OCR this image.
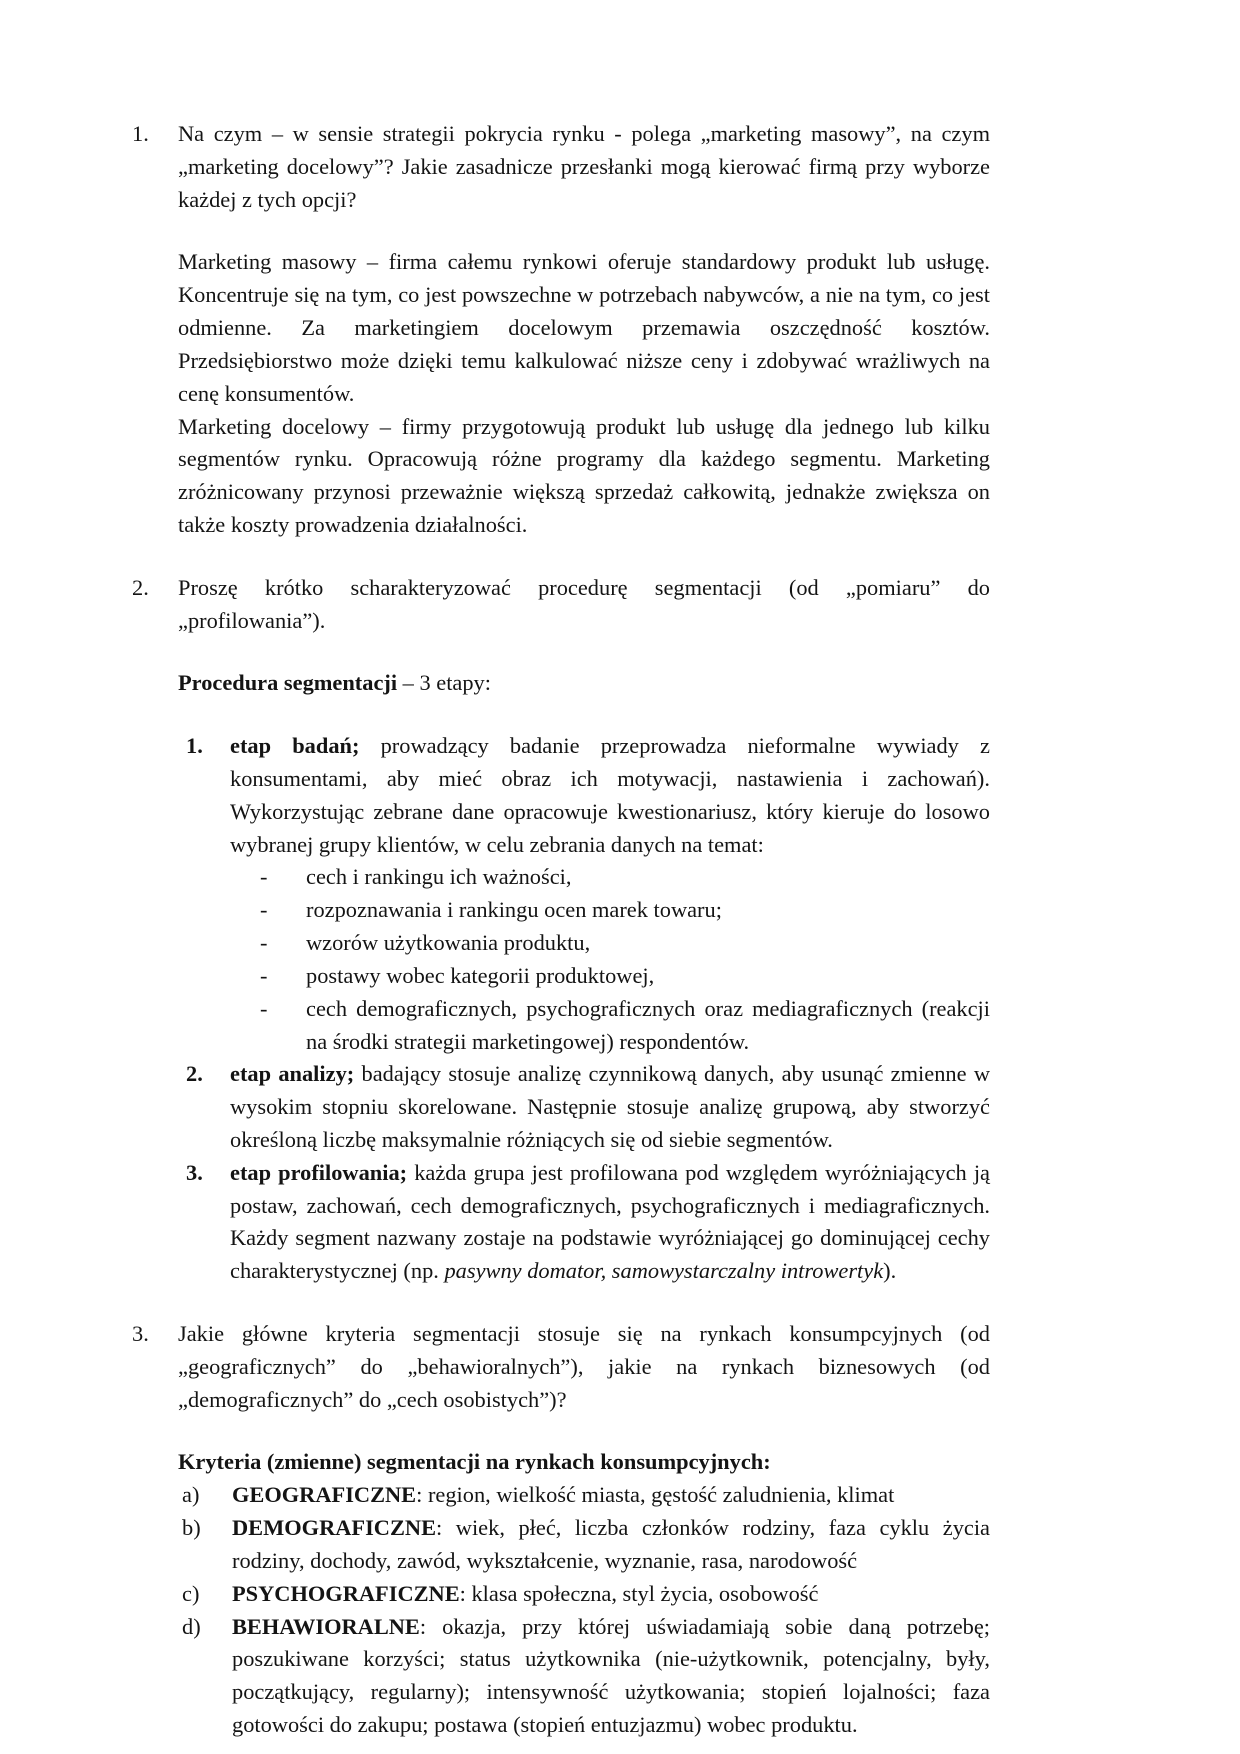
1.	Na czym – w sensie strategii pokrycia rynku - polega „marketing masowy”, na czym „marketing docelowy”? Jakie zasadnicze przesłanki mogą kierować firmą przy wyborze każdej z tych opcji?

Marketing masowy – firma całemu rynkowi oferuje standardowy produkt lub usługę. Koncentruje się na tym, co jest powszechne w potrzebach nabywców, a nie na tym, co jest odmienne. Za marketingiem docelowym przemawia oszczędność kosztów. Przedsiębiorstwo może dzięki temu kalkulować niższe ceny i zdobywać wrażliwych na cenę konsumentów.

Marketing docelowy – firmy przygotowują produkt lub usługę dla jednego lub kilku segmentów rynku. Opracowują różne programy dla każdego segmentu. Marketing zróżnicowany przynosi przeważnie większą sprzedaż całkowitą, jednakże zwiększa on także koszty prowadzenia działalności.

2.	Proszę krótko scharakteryzować procedurę segmentacji (od „pomiaru” do „profilowania”).
Procedura segmentacji – 3 etapy:
1. etap badań; prowadzący badanie przeprowadza nieformalne wywiady z konsumentami, aby mieć obraz ich motywacji, nastawienia i zachowań). Wykorzystując zebrane dane opracowuje kwestionariusz, który kieruje do losowo wybranej grupy klientów, w celu zebrania danych na temat:
- cech i rankingu ich ważności,
- rozpoznawania i rankingu ocen marek towaru;
- wzorów użytkowania produktu,
- postawy wobec kategorii produktowej,
- cech demograficznych, psychograficznych oraz mediagraficznych (reakcji na środki strategii marketingowej) respondentów.
2. etap analizy; badający stosuje analizę czynnikową danych, aby usunąć zmienne w wysokim stopniu skorelowane. Następnie stosuje analizę grupową, aby stworzyć określoną liczbę maksymalnie różniących się od siebie segmentów.
3. etap profilowania; każda grupa jest profilowana pod względem wyróżniających ją postaw, zachowań, cech demograficznych, psychograficznych i mediagraficznych. Każdy segment nazwany zostaje na podstawie wyróżniającej go dominującej cechy charakterystycznej (np. pasywny domator, samowystarczalny introwertyk).
3.	Jakie główne kryteria segmentacji stosuje się na rynkach konsumpcyjnych (od „geograficznych” do „behawioralnych”), jakie na rynkach biznesowych (od „demograficznych” do „cech osobistych”)?
Kryteria (zmienne) segmentacji na rynkach konsumpcyjnych:
a) GEOGRAFICZNE: region, wielkość miasta, gęstość zaludnienia, klimat
b) DEMOGRAFICZNE: wiek, płeć, liczba członków rodziny, faza cyklu życia rodziny, dochody, zawód, wykształcenie, wyznanie, rasa, narodowość
c) PSYCHOGRAFICZNE: klasa społeczna, styl życia, osobowość
d) BEHAWIORALNE: okazja, przy której uświadamiają sobie daną potrzebę; poszukiwane korzyści; status użytkownika (nie-użytkownik, potencjalny, były, początkujący, regularny); intensywność użytkowania; stopień lojalności; faza gotowości do zakupu; postawa (stopień entuzjazmu) wobec produktu.
